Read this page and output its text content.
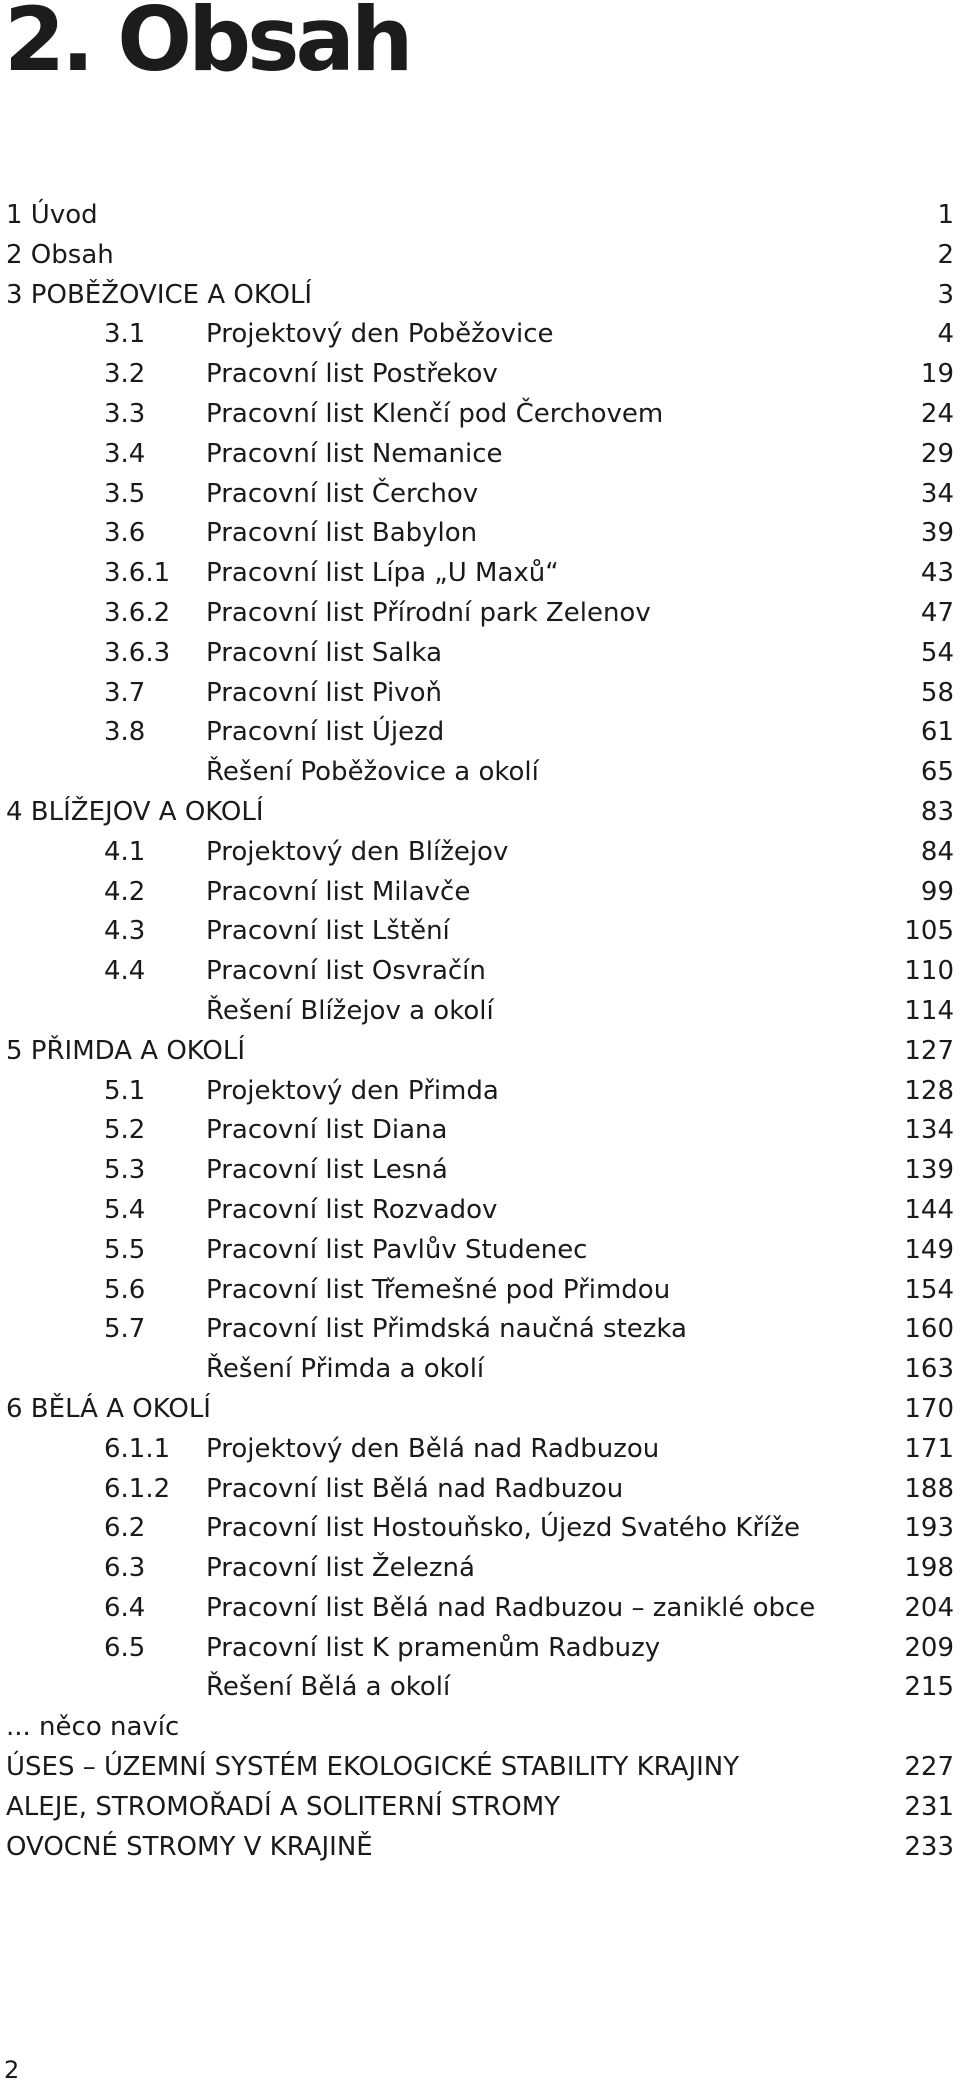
2. Obsah
1 Úvod	1
2 Obsah	2
3 POBĚŽOVICE A OKOLÍ	3
3.1 Projektový den Poběžovice	4
3.2 Pracovní list Postřekov	19
3.3 Pracovní list Klenčí pod Čerchovem	24
3.4 Pracovní list Nemanice	29
3.5 Pracovní list Čerchov	34
3.6 Pracovní list Babylon	39
3.6.1 Pracovní list Lípa „U Maxů“	43
3.6.2 Pracovní list Přírodní park Zelenov	47
3.6.3 Pracovní list Salka	54
3.7 Pracovní list Pivoň	58
3.8 Pracovní list Újezd	61
Řešení Poběžovice a okolí	65
4 BLÍŽEJOV A OKOLÍ	83
4.1 Projektový den Blížejov	84
4.2 Pracovní list Milavče	99
4.3 Pracovní list Lštění	105
4.4 Pracovní list Osvračín	110
Řešení Blížejov a okolí	114
5 PŘIMDA A OKOLÍ	127
5.1 Projektový den Přimda	128
5.2 Pracovní list Diana	134
5.3 Pracovní list Lesná	139
5.4 Pracovní list Rozvadov	144
5.5 Pracovní list Pavlův Studenec	149
5.6 Pracovní list Třemešné pod Přimdou	154
5.7 Pracovní list Přimdská naučná stezka	160
Řešení Přimda a okolí	163
6 BĚLÁ A OKOLÍ	170
6.1.1 Projektový den Bělá nad Radbuzou	171
6.1.2 Pracovní list Bělá nad Radbuzou	188
6.2 Pracovní list Hostouňsko, Újezd Svatého Kříže	193
6.3 Pracovní list Železná	198
6.4 Pracovní list Bělá nad Radbuzou – zaniklé obce	204
6.5 Pracovní list K pramenům Radbuzy	209
Řešení Bělá a okolí	215
... něco navíc
ÚSES – ÚZEMNÍ SYSTÉM EKOLOGICKÉ STABILITY KRAJINY	227
ALEJE, STROMOŘADÍ A SOLITERNÍ STROMY	231
OVOCNÉ STROMY V KRAJINĚ	233
2
